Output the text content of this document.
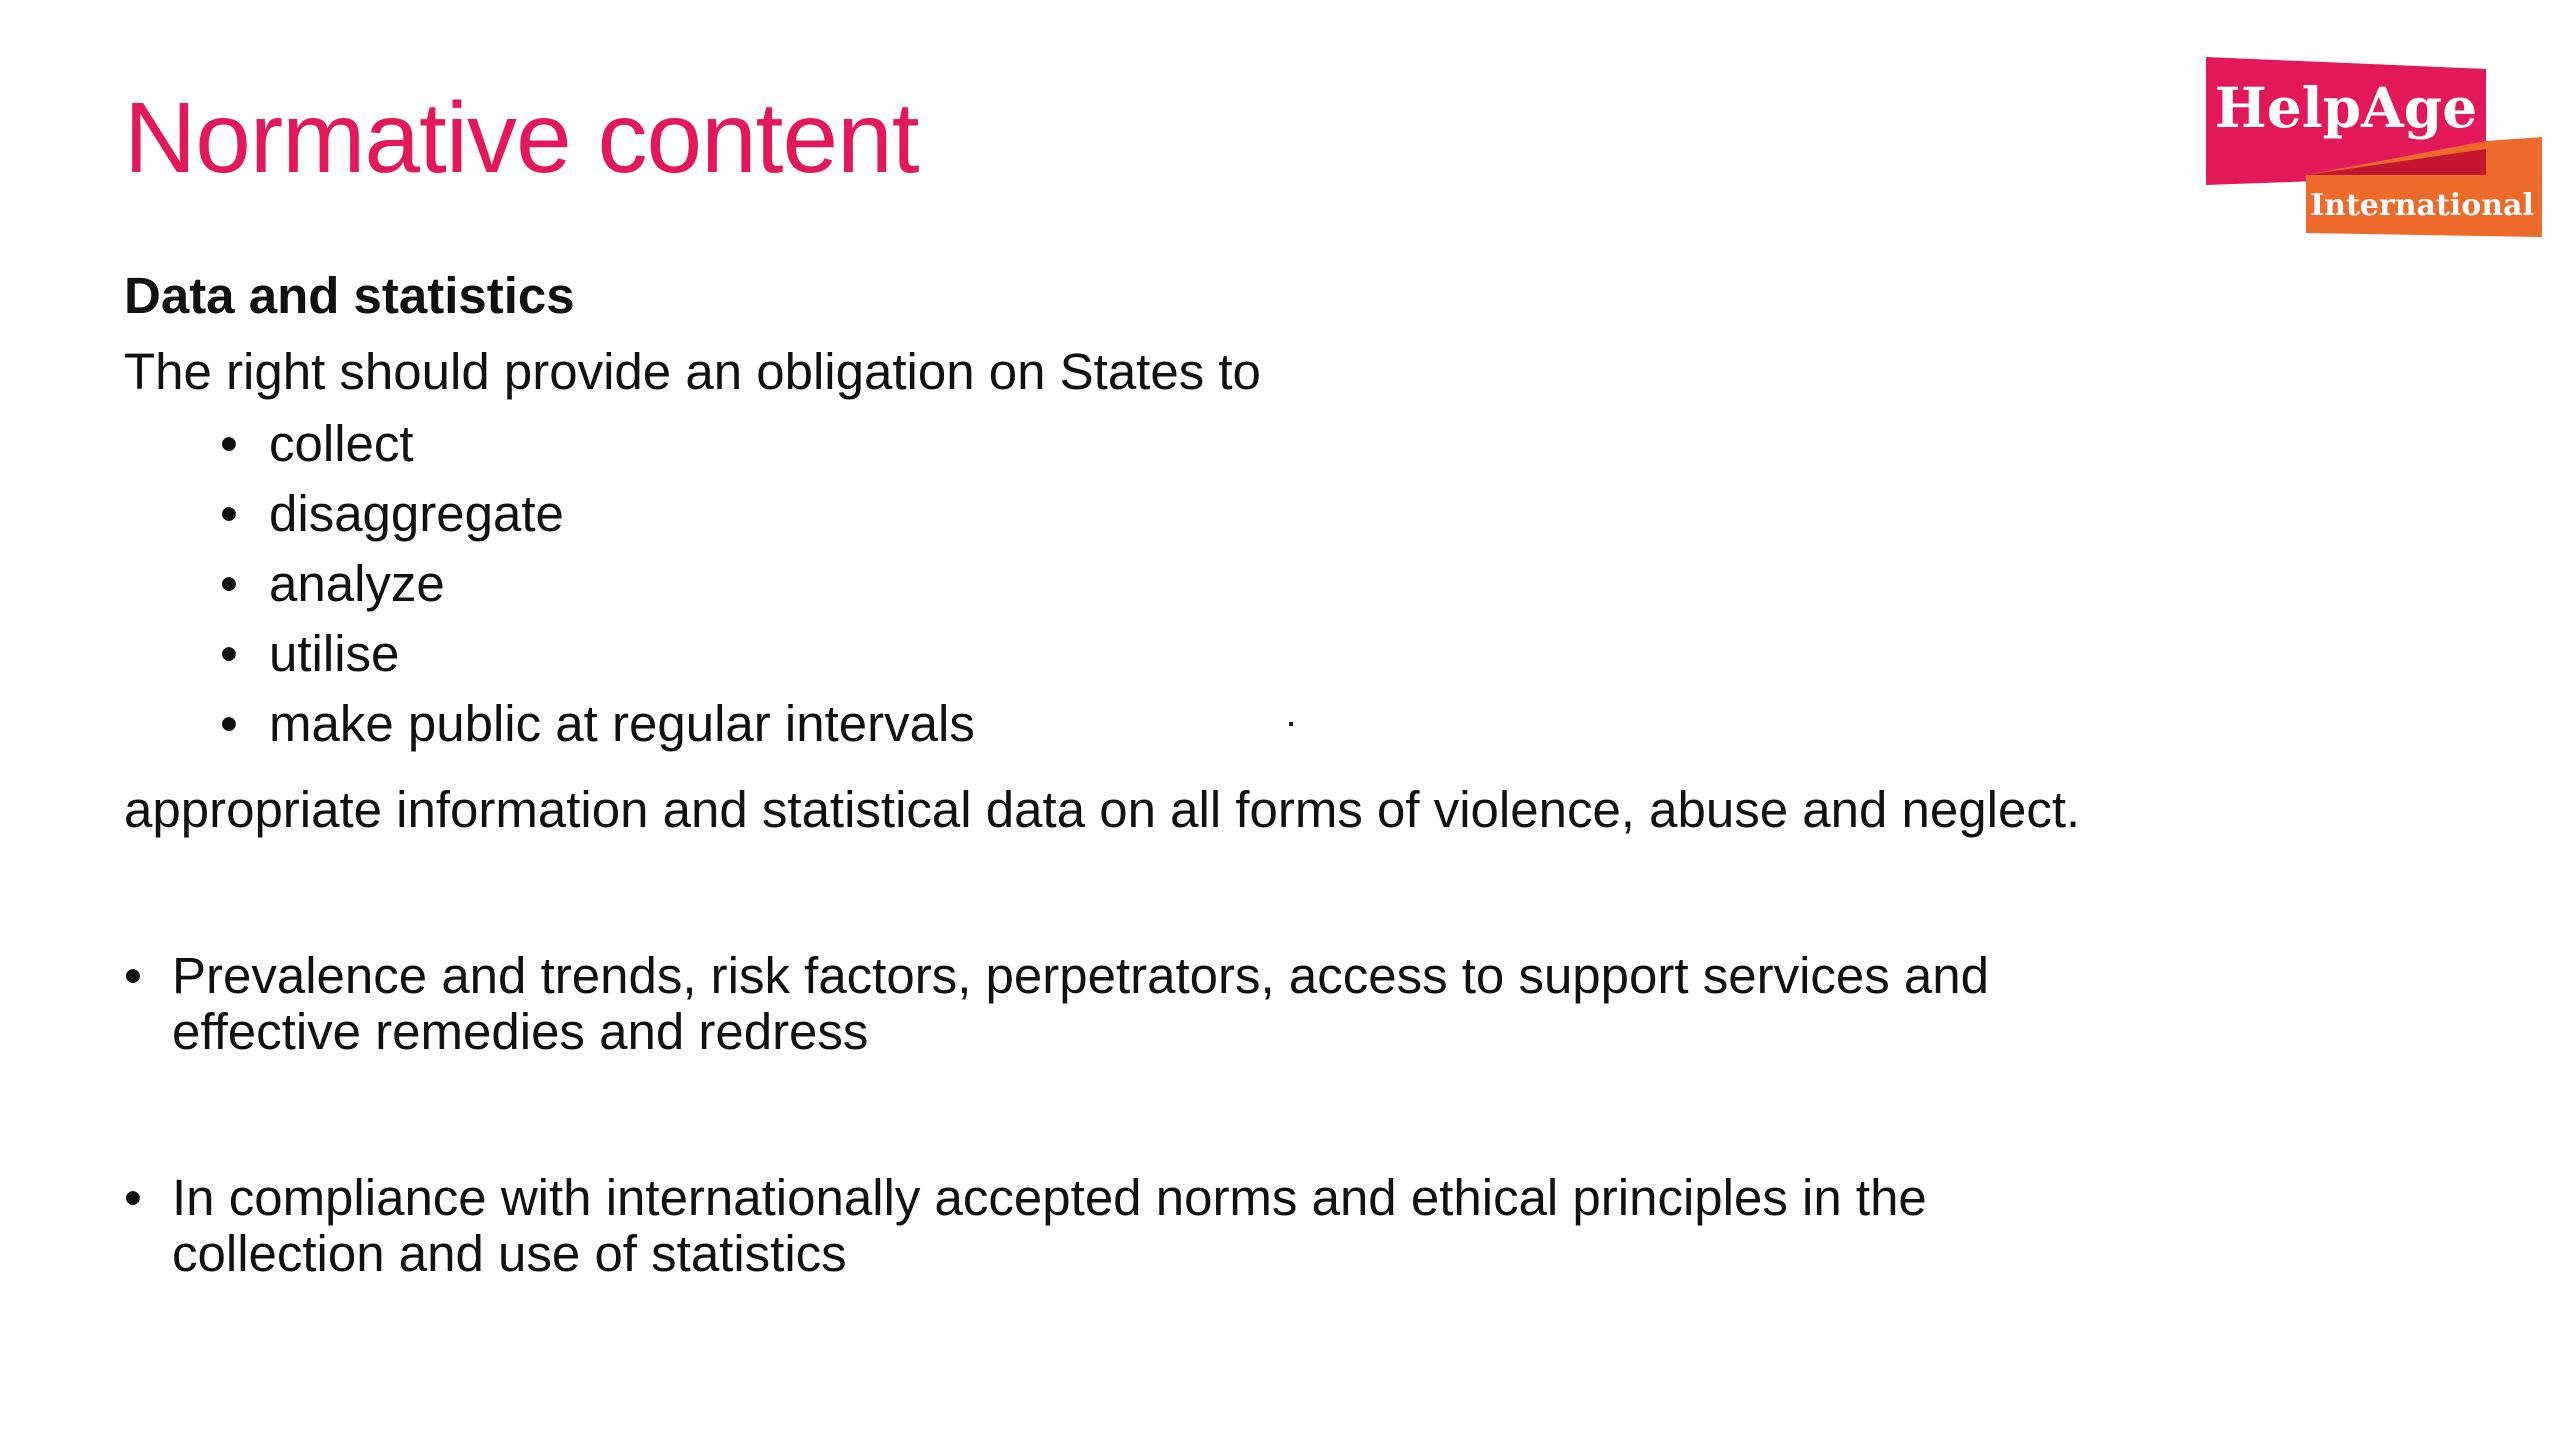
Normative content	HelpAge
International
Data and statistics
The right should provide an obligation on States to
• collect
• disaggregate
• analyze
• utilise
• make public at regular intervals
appropriate information and statistical data on all forms of violence, abuse and neglect.
• Prevalence and trends, risk factors, perpetrators, access to support services and effective remedies and redress
• In compliance with internationally accepted norms and ethical principles in the collection and use of statistics
